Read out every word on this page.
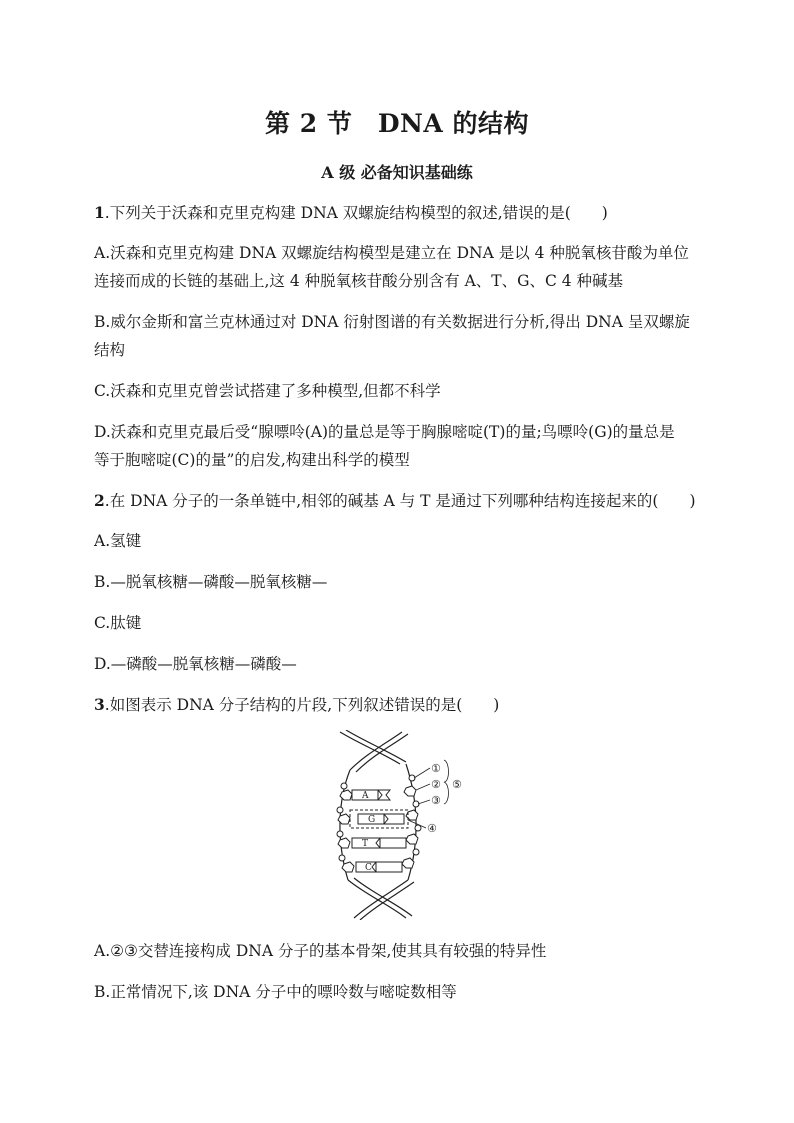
第 2 节　DNA 的结构
A 级 必备知识基础练
1.下列关于沃森和克里克构建 DNA 双螺旋结构模型的叙述,错误的是(　　)
A.沃森和克里克构建 DNA 双螺旋结构模型是建立在 DNA 是以 4 种脱氧核苷酸为单位
连接而成的长链的基础上,这 4 种脱氧核苷酸分别含有 A、T、G、C 4 种碱基
B.威尔金斯和富兰克林通过对 DNA 衍射图谱的有关数据进行分析,得出 DNA 呈双螺旋
结构
C.沃森和克里克曾尝试搭建了多种模型,但都不科学
D.沃森和克里克最后受“腺嘌呤(A)的量总是等于胸腺嘧啶(T)的量;鸟嘌呤(G)的量总是
等于胞嘧啶(C)的量”的启发,构建出科学的模型
2.在 DNA 分子的一条单链中,相邻的碱基 A 与 T 是通过下列哪种结构连接起来的(　　)
A.氢键
B.—脱氧核糖—磷酸—脱氧核糖—
C.肽键
D.—磷酸—脱氧核糖—磷酸—
3.如图表示 DNA 分子结构的片段,下列叙述错误的是(　　)
A
G
T
C
①
②
③
④
⑤
A.②③交替连接构成 DNA 分子的基本骨架,使其具有较强的特异性
B.正常情况下,该 DNA 分子中的嘌呤数与嘧啶数相等
